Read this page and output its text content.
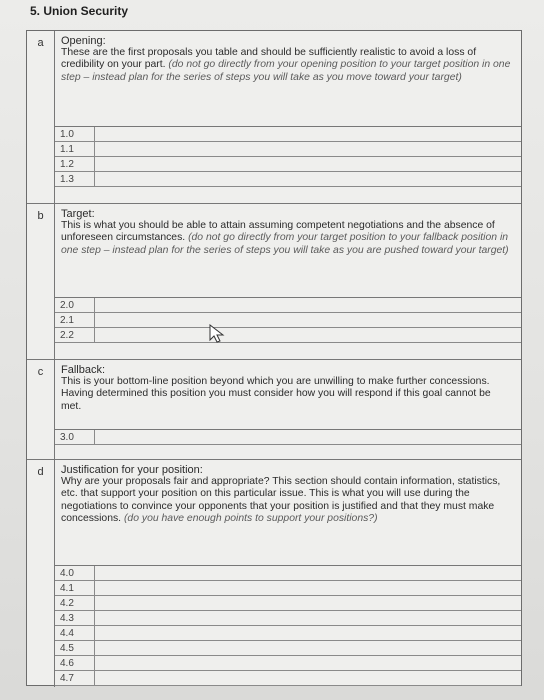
5. Union Security
a	Opening:
These are the first proposals you table and should be sufficiently realistic to avoid a loss of credibility on your part. (do not go directly from your opening position to your target position in one step – instead plan for the series of steps you will take as you move toward your target)
1.0
1.1
1.2
1.3
b	Target:
This is what you should be able to attain assuming competent negotiations and the absence of unforeseen circumstances. (do not go directly from your target position to your fallback position in one step – instead plan for the series of steps you will take as you are pushed toward your target)
2.0
2.1
2.2
c	Fallback:
This is your bottom-line position beyond which you are unwilling to make further concessions. Having determined this position you must consider how you will respond if this goal cannot be met.
3.0
d	Justification for your position:
Why are your proposals fair and appropriate? This section should contain information, statistics, etc. that support your position on this particular issue. This is what you will use during the negotiations to convince your opponents that your position is justified and that they must make concessions. (do you have enough points to support your positions?)
4.0
4.1
4.2
4.3
4.4
4.5
4.6
4.7
